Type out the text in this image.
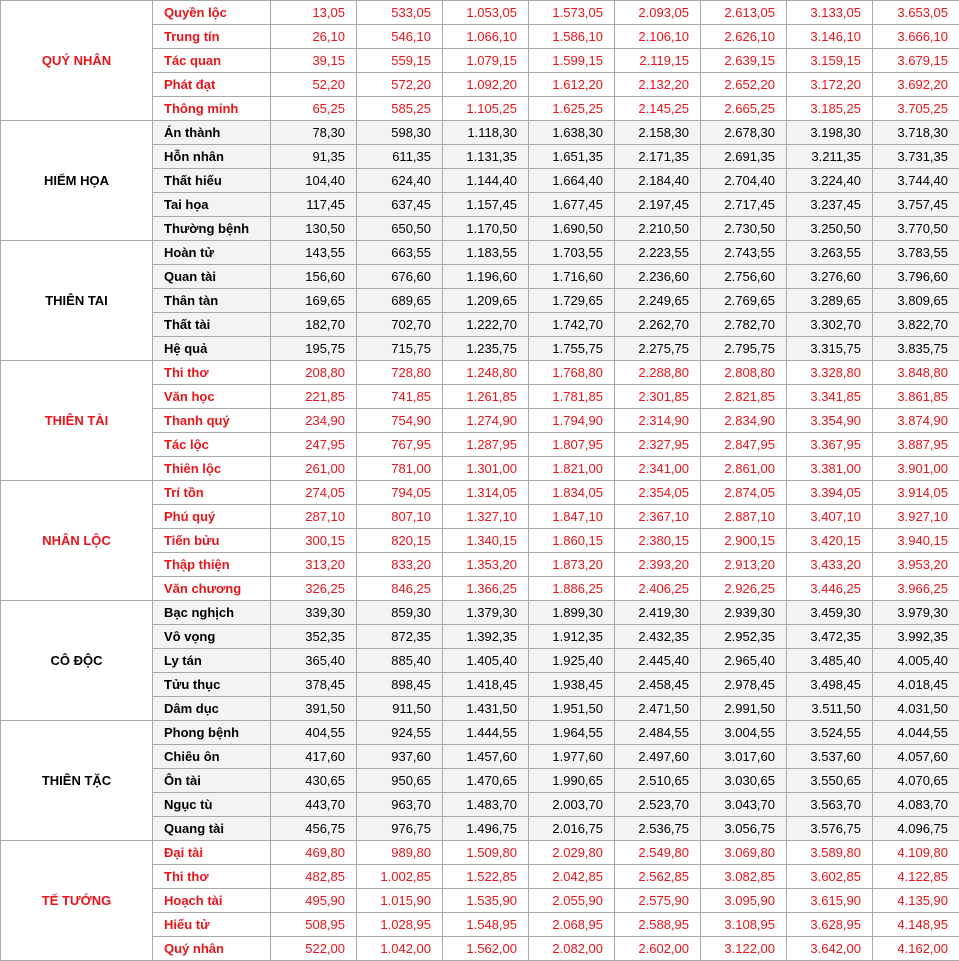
QUÝ NHÂN	Quyền lộc	13,05	533,05	1.053,05	1.573,05	2.093,05	2.613,05	3.133,05	3.653,05
	Trung tín	26,10	546,10	1.066,10	1.586,10	2.106,10	2.626,10	3.146,10	3.666,10
	Tác quan	39,15	559,15	1.079,15	1.599,15	2.119,15	2.639,15	3.159,15	3.679,15
	Phát đạt	52,20	572,20	1.092,20	1.612,20	2.132,20	2.652,20	3.172,20	3.692,20
	Thông minh	65,25	585,25	1.105,25	1.625,25	2.145,25	2.665,25	3.185,25	3.705,25
HIỂM HỌA	Án thành	78,30	598,30	1.118,30	1.638,30	2.158,30	2.678,30	3.198,30	3.718,30
	Hỗn nhân	91,35	611,35	1.131,35	1.651,35	2.171,35	2.691,35	3.211,35	3.731,35
	Thất hiếu	104,40	624,40	1.144,40	1.664,40	2.184,40	2.704,40	3.224,40	3.744,40
	Tai họa	117,45	637,45	1.157,45	1.677,45	2.197,45	2.717,45	3.237,45	3.757,45
	Thường bệnh	130,50	650,50	1.170,50	1.690,50	2.210,50	2.730,50	3.250,50	3.770,50
THIÊN TAI	Hoàn tử	143,55	663,55	1.183,55	1.703,55	2.223,55	2.743,55	3.263,55	3.783,55
	Quan tài	156,60	676,60	1.196,60	1.716,60	2.236,60	2.756,60	3.276,60	3.796,60
	Thân tàn	169,65	689,65	1.209,65	1.729,65	2.249,65	2.769,65	3.289,65	3.809,65
	Thất tài	182,70	702,70	1.222,70	1.742,70	2.262,70	2.782,70	3.302,70	3.822,70
	Hệ quả	195,75	715,75	1.235,75	1.755,75	2.275,75	2.795,75	3.315,75	3.835,75
THIÊN TÀI	Thi thơ	208,80	728,80	1.248,80	1.768,80	2.288,80	2.808,80	3.328,80	3.848,80
	Văn học	221,85	741,85	1.261,85	1.781,85	2.301,85	2.821,85	3.341,85	3.861,85
	Thanh quý	234,90	754,90	1.274,90	1.794,90	2.314,90	2.834,90	3.354,90	3.874,90
	Tác lộc	247,95	767,95	1.287,95	1.807,95	2.327,95	2.847,95	3.367,95	3.887,95
	Thiên lộc	261,00	781,00	1.301,00	1.821,00	2.341,00	2.861,00	3.381,00	3.901,00
NHÂN LỘC	Trí tồn	274,05	794,05	1.314,05	1.834,05	2.354,05	2.874,05	3.394,05	3.914,05
	Phú quý	287,10	807,10	1.327,10	1.847,10	2.367,10	2.887,10	3.407,10	3.927,10
	Tiến bửu	300,15	820,15	1.340,15	1.860,15	2.380,15	2.900,15	3.420,15	3.940,15
	Thập thiện	313,20	833,20	1.353,20	1.873,20	2.393,20	2.913,20	3.433,20	3.953,20
	Văn chương	326,25	846,25	1.366,25	1.886,25	2.406,25	2.926,25	3.446,25	3.966,25
CÔ ĐỘC	Bạc nghịch	339,30	859,30	1.379,30	1.899,30	2.419,30	2.939,30	3.459,30	3.979,30
	Vô vọng	352,35	872,35	1.392,35	1.912,35	2.432,35	2.952,35	3.472,35	3.992,35
	Ly tán	365,40	885,40	1.405,40	1.925,40	2.445,40	2.965,40	3.485,40	4.005,40
	Tửu thục	378,45	898,45	1.418,45	1.938,45	2.458,45	2.978,45	3.498,45	4.018,45
	Dâm dục	391,50	911,50	1.431,50	1.951,50	2.471,50	2.991,50	3.511,50	4.031,50
THIÊN TẶC	Phong bệnh	404,55	924,55	1.444,55	1.964,55	2.484,55	3.004,55	3.524,55	4.044,55
	Chiêu ôn	417,60	937,60	1.457,60	1.977,60	2.497,60	3.017,60	3.537,60	4.057,60
	Ôn tài	430,65	950,65	1.470,65	1.990,65	2.510,65	3.030,65	3.550,65	4.070,65
	Ngục tù	443,70	963,70	1.483,70	2.003,70	2.523,70	3.043,70	3.563,70	4.083,70
	Quang tài	456,75	976,75	1.496,75	2.016,75	2.536,75	3.056,75	3.576,75	4.096,75
TỂ TƯỚNG	Đại tài	469,80	989,80	1.509,80	2.029,80	2.549,80	3.069,80	3.589,80	4.109,80
	Thi thơ	482,85	1.002,85	1.522,85	2.042,85	2.562,85	3.082,85	3.602,85	4.122,85
	Hoạch tài	495,90	1.015,90	1.535,90	2.055,90	2.575,90	3.095,90	3.615,90	4.135,90
	Hiếu tử	508,95	1.028,95	1.548,95	2.068,95	2.588,95	3.108,95	3.628,95	4.148,95
	Quý nhân	522,00	1.042,00	1.562,00	2.082,00	2.602,00	3.122,00	3.642,00	4.162,00
